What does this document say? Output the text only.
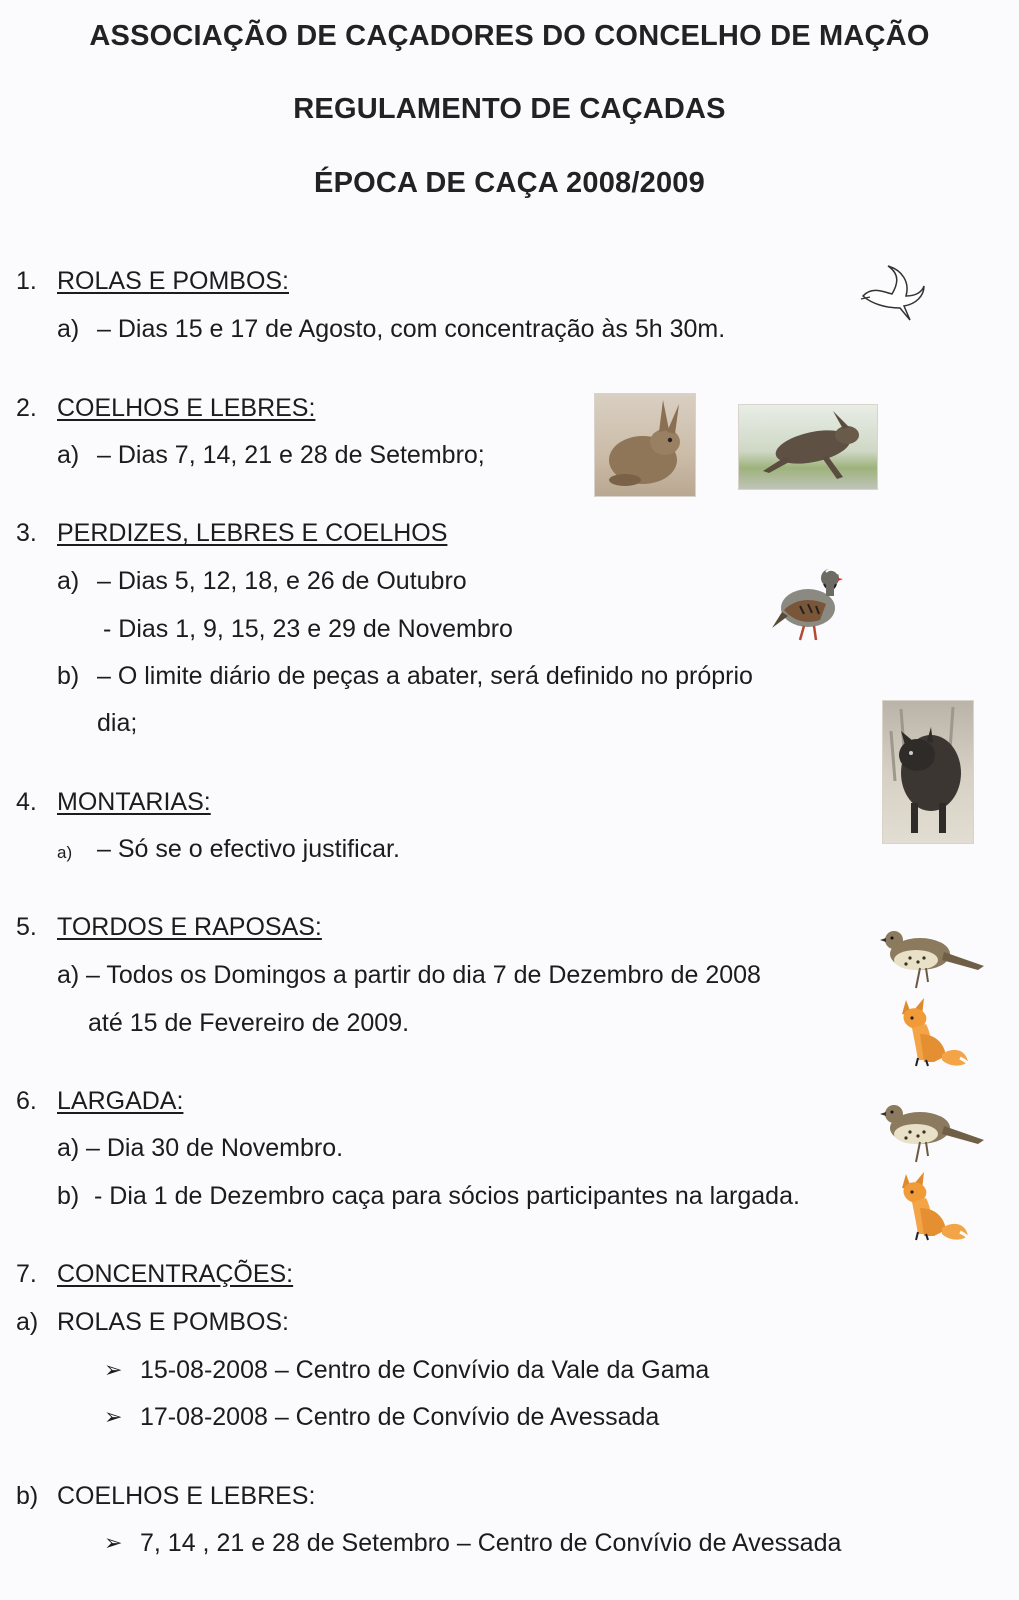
ASSOCIAÇÃO DE CAÇADORES DO CONCELHO DE MAÇÃO
REGULAMENTO DE CAÇADAS
ÉPOCA DE CAÇA 2008/2009
1. ROLAS E POMBOS:
a) – Dias 15 e 17 de Agosto, com concentração às 5h 30m.
2. COELHOS E LEBRES:
a) – Dias 7, 14, 21 e 28 de Setembro;
3. PERDIZES, LEBRES E COELHOS
a) – Dias 5, 12, 18, e 26 de Outubro
- Dias 1, 9, 15, 23 e 29 de Novembro
b) – O limite diário de peças a abater, será definido no próprio
dia;
4. MONTARIAS:
a) – Só se o efectivo justificar.
5. TORDOS E RAPOSAS:
a) – Todos os Domingos a partir do dia 7 de Dezembro de 2008
até 15 de Fevereiro de 2009.
6. LARGADA:
a) – Dia 30 de Novembro.
b) - Dia 1 de Dezembro caça para sócios participantes na largada.
7. CONCENTRAÇÕES:
a) ROLAS E POMBOS:
➢ 15-08-2008 – Centro de Convívio da Vale da Gama
➢ 17-08-2008 – Centro de Convívio de Avessada
b) COELHOS E LEBRES:
➢ 7, 14 , 21 e 28 de Setembro – Centro de Convívio de Avessada
